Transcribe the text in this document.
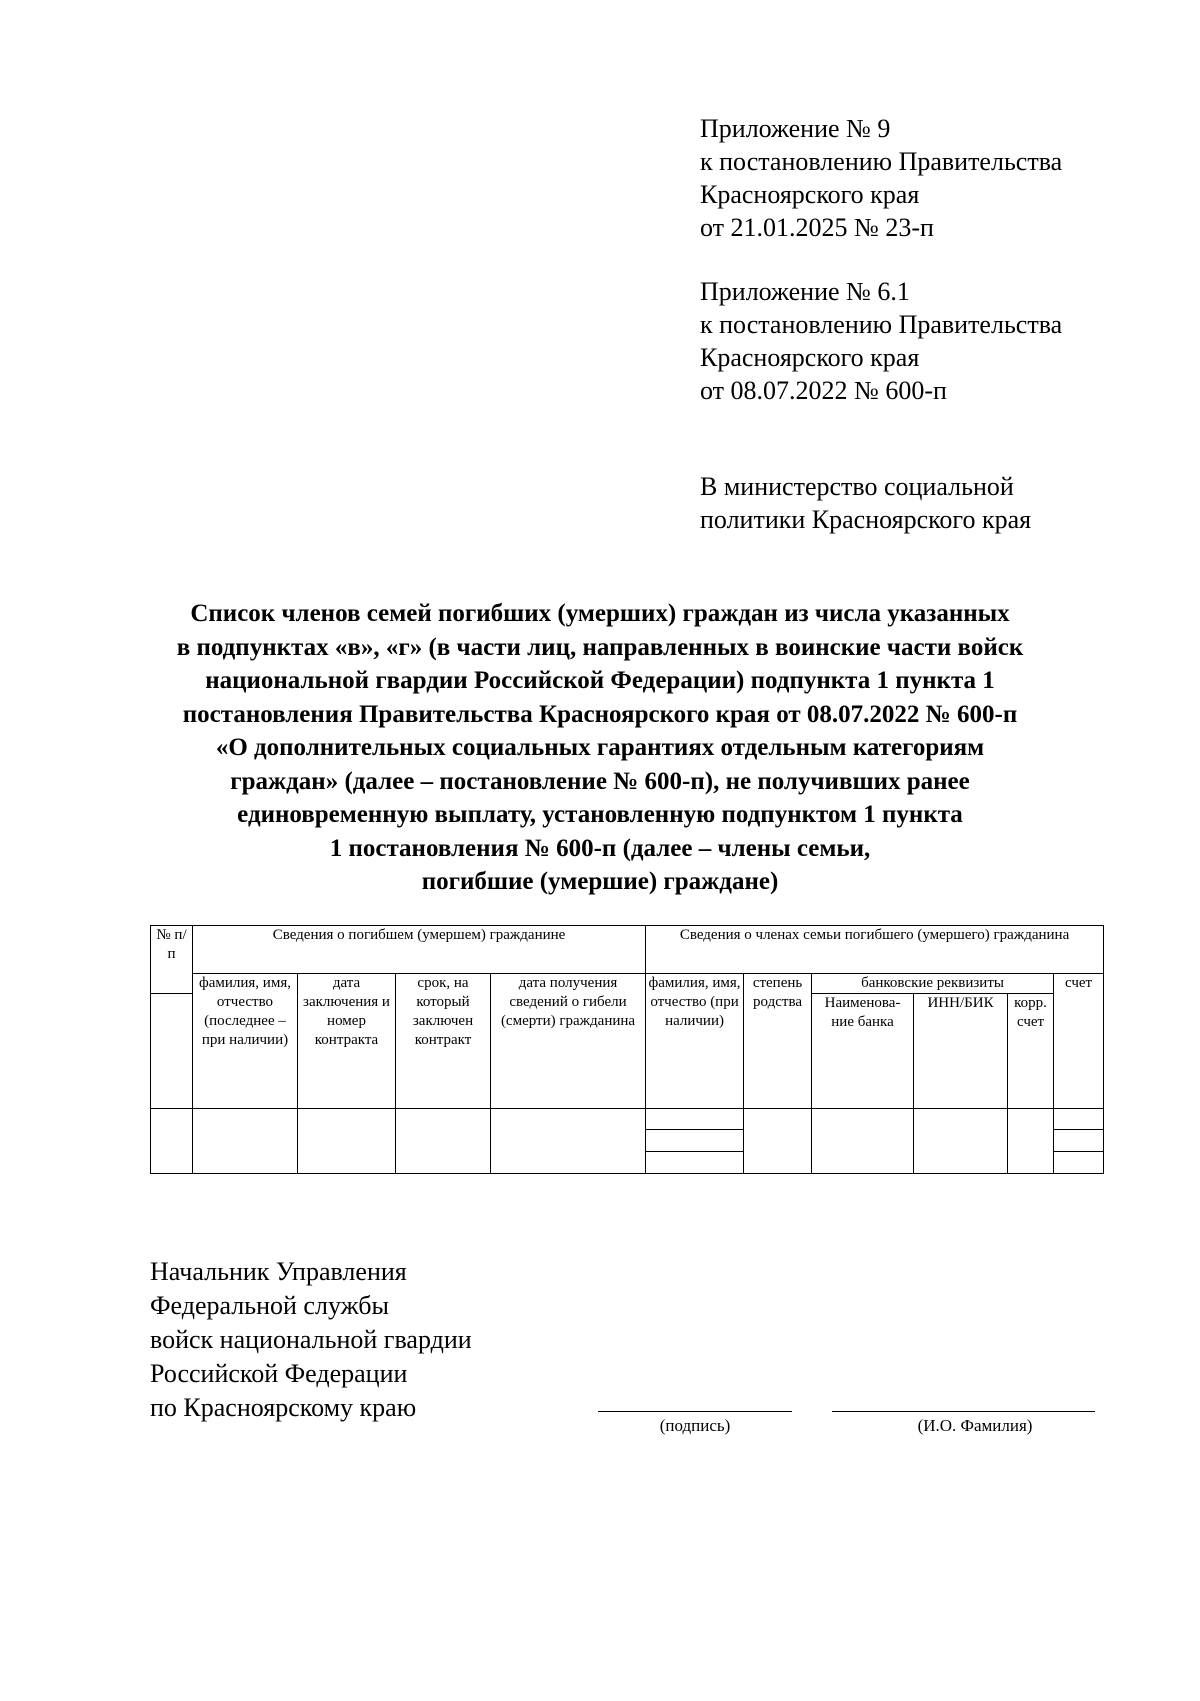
Приложение № 9
к постановлению Правительства
Красноярского края
от 21.01.2025 № 23-п
Приложение № 6.1
к постановлению Правительства
Красноярского края
от 08.07.2022 № 600-п
В министерство социальной
политики Красноярского края
Список членов семей погибших (умерших) граждан из числа указанных
в подпунктах «в», «г» (в части лиц, направленных в воинские части войск
национальной гвардии Российской Федерации) подпункта 1 пункта 1
постановления Правительства Красноярского края от 08.07.2022 № 600-п
«О дополнительных социальных гарантиях отдельным категориям
граждан» (далее – постановление № 600-п), не получивших ранее
единовременную выплату, установленную подпунктом 1 пункта
1 постановления № 600-п (далее – члены семьи,
погибшие (умершие) граждане)
№ п/п	Сведения о погибшем (умершем) гражданине				Сведения о членах семьи погибшего (умершего) гражданина					
	фамилия, имя, отчество (последнее – при наличии)	дата заключения и номер контракта	срок, на который заключен контракт	дата получения сведений о гибели (смерти) гражданина	фамилия, имя, отчество (при наличии)	степень родства	банковские реквизиты			счет
							Наименова-ние банка	ИНН/БИК	корр. счет	

Начальник Управления
Федеральной службы
войск национальной гвардии
Российской Федерации
по Красноярскому краю
(подпись)	(И.О. Фамилия)
